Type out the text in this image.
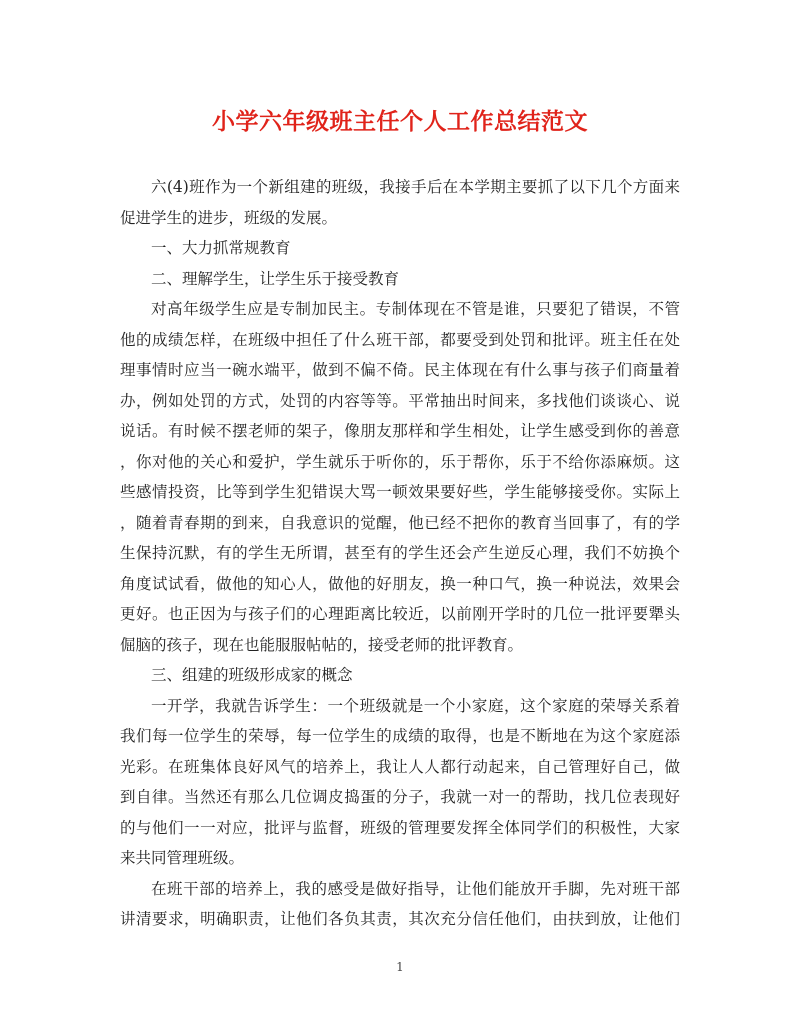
小学六年级班主任个人工作总结范文
六(4)班作为一个新组建的班级，我接手后在本学期主要抓了以下几个方面来
促进学生的进步，班级的发展。
一、大力抓常规教育
二、理解学生，让学生乐于接受教育
对高年级学生应是专制加民主。专制体现在不管是谁，只要犯了错误，不管
他的成绩怎样，在班级中担任了什么班干部，都要受到处罚和批评。班主任在处
理事情时应当一碗水端平，做到不偏不倚。民主体现在有什么事与孩子们商量着
办，例如处罚的方式，处罚的内容等等。平常抽出时间来，多找他们谈谈心、说
说话。有时候不摆老师的架子，像朋友那样和学生相处，让学生感受到你的善意
，你对他的关心和爱护，学生就乐于听你的，乐于帮你，乐于不给你添麻烦。这
些感情投资，比等到学生犯错误大骂一顿效果要好些，学生能够接受你。实际上
，随着青春期的到来，自我意识的觉醒，他已经不把你的教育当回事了，有的学
生保持沉默，有的学生无所谓，甚至有的学生还会产生逆反心理，我们不妨换个
角度试试看，做他的知心人，做他的好朋友，换一种口气，换一种说法，效果会
更好。也正因为与孩子们的心理距离比较近，以前刚开学时的几位一批评要犟头
倔脑的孩子，现在也能服服帖帖的，接受老师的批评教育。
三、组建的班级形成家的概念
一开学，我就告诉学生：一个班级就是一个小家庭，这个家庭的荣辱关系着
我们每一位学生的荣辱，每一位学生的成绩的取得，也是不断地在为这个家庭添
光彩。在班集体良好风气的培养上，我让人人都行动起来，自己管理好自己，做
到自律。当然还有那么几位调皮捣蛋的分子，我就一对一的帮助，找几位表现好
的与他们一一对应，批评与监督，班级的管理要发挥全体同学们的积极性，大家
来共同管理班级。
在班干部的培养上，我的感受是做好指导，让他们能放开手脚，先对班干部
讲清要求，明确职责，让他们各负其责，其次充分信任他们，由扶到放，让他们
1
